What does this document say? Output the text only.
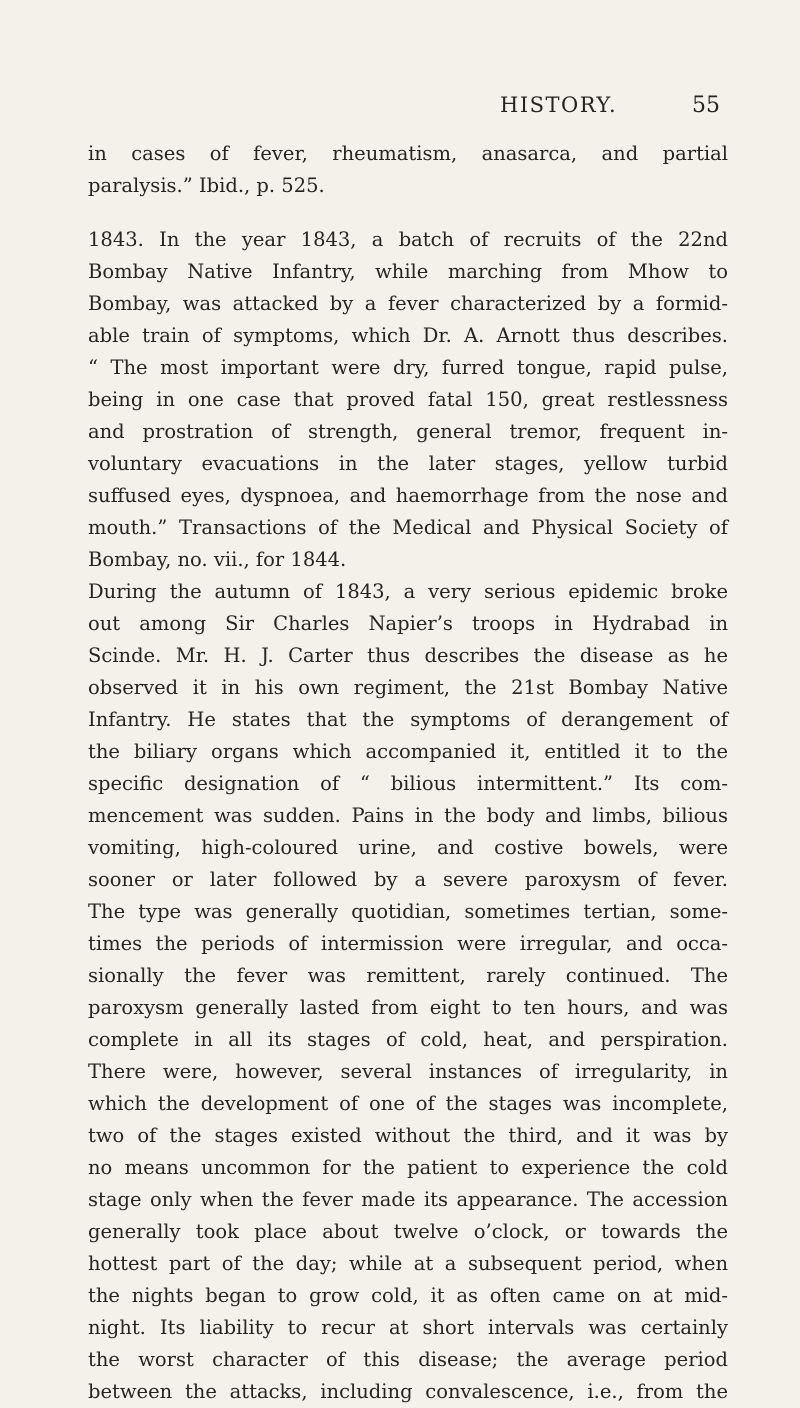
HISTORY.	55
in cases of fever, rheumatism, anasarca, and partial
paralysis.” Ibid., p. 525.
1843. In the year 1843, a batch of recruits of the 22nd
Bombay Native Infantry, while marching from Mhow to
Bombay, was attacked by a fever characterized by a formid-
able train of symptoms, which Dr. A. Arnott thus describes.
“ The most important were dry, furred tongue, rapid pulse,
being in one case that proved fatal 150, great restlessness
and prostration of strength, general tremor, frequent in-
voluntary evacuations in the later stages, yellow turbid
suffused eyes, dyspnoea, and haemorrhage from the nose and
mouth.” Transactions of the Medical and Physical Society of
Bombay, no. vii., for 1844.
During the autumn of 1843, a very serious epidemic broke
out among Sir Charles Napier’s troops in Hydrabad in
Scinde. Mr. H. J. Carter thus describes the disease as he
observed it in his own regiment, the 21st Bombay Native
Infantry. He states that the symptoms of derangement of
the biliary organs which accompanied it, entitled it to the
specific designation of “ bilious intermittent.” Its com-
mencement was sudden. Pains in the body and limbs, bilious
vomiting, high-coloured urine, and costive bowels, were
sooner or later followed by a severe paroxysm of fever.
The type was generally quotidian, sometimes tertian, some-
times the periods of intermission were irregular, and occa-
sionally the fever was remittent, rarely continued. The
paroxysm generally lasted from eight to ten hours, and was
complete in all its stages of cold, heat, and perspiration.
There were, however, several instances of irregularity, in
which the development of one of the stages was incomplete,
two of the stages existed without the third, and it was by
no means uncommon for the patient to experience the cold
stage only when the fever made its appearance. The accession
generally took place about twelve o’clock, or towards the
hottest part of the day; while at a subsequent period, when
the nights began to grow cold, it as often came on at mid-
night. Its liability to recur at short intervals was certainly
the worst character of this disease; the average period
between the attacks, including convalescence, i.e., from the
